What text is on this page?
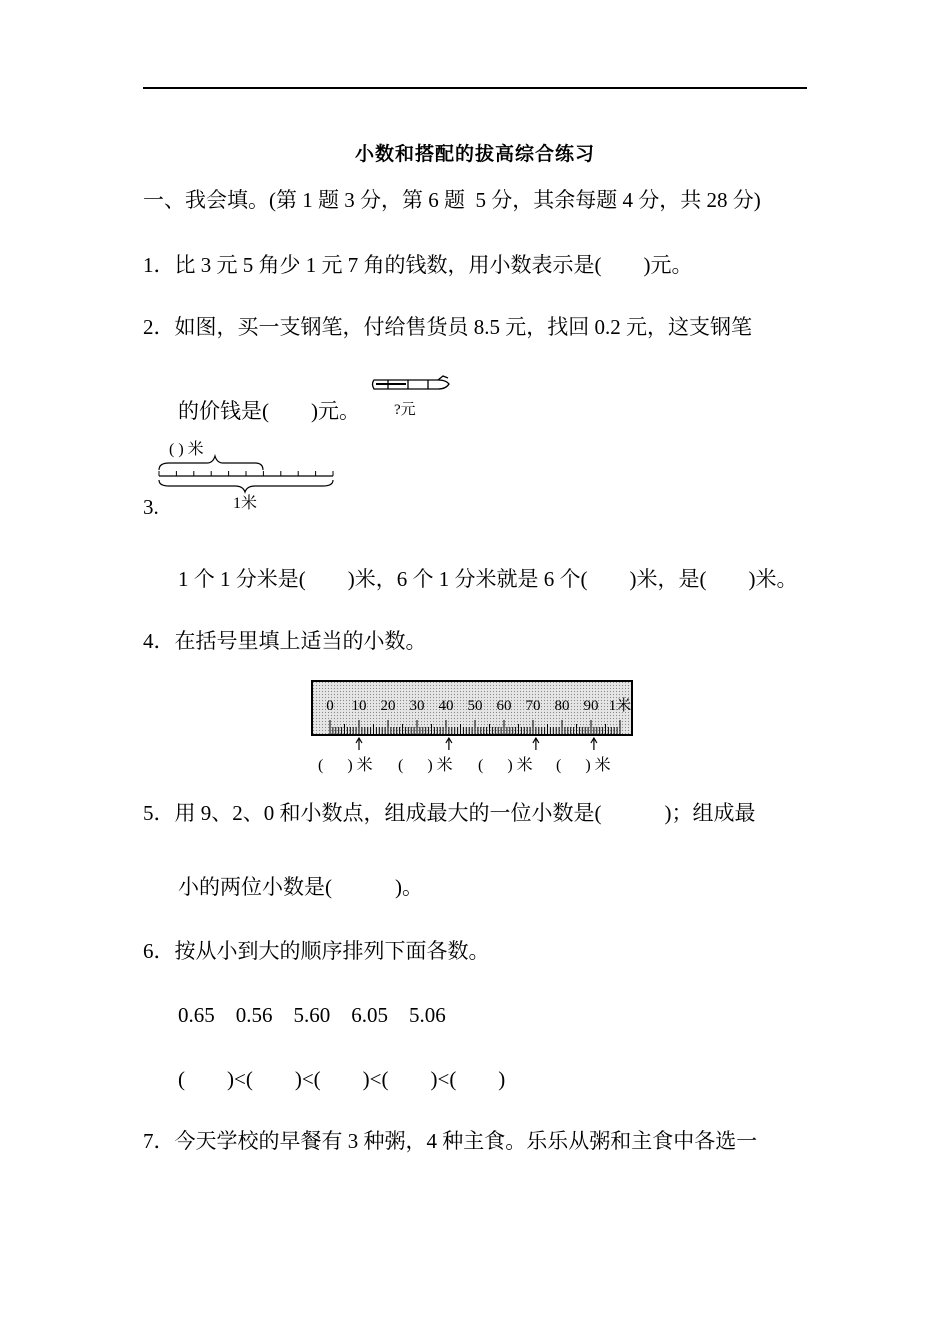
小数和搭配的拔高综合练习
一、我会填。(第 1 题 3 分，第 6 题  5 分，其余每题 4 分，共 28 分)
1．比 3 元 5 角少 1 元 7 角的钱数，用小数表示是(        )元。
2．如图，买一支钢笔，付给售货员 8.5 元，找回 0.2 元，这支钢笔
的价钱是(        )元。 ?元
( ) 米
1米
3.
1 个 1 分米是(        )米，6 个 1 分米就是 6 个(        )米，是(        )米。
4．在括号里填上适当的小数。
0 10 20 30 40 50 60 70 80 90 1米
(      ) 米 (      ) 米 (      ) 米 (      ) 米
5．用 9、2、0 和小数点，组成最大的一位小数是(            )；组成最
小的两位小数是(            )。
6．按从小到大的顺序排列下面各数。
0.65    0.56    5.60    6.05    5.06
(        )<(        )<(        )<(        )<(        )
7．今天学校的早餐有 3 种粥，4 种主食。乐乐从粥和主食中各选一
